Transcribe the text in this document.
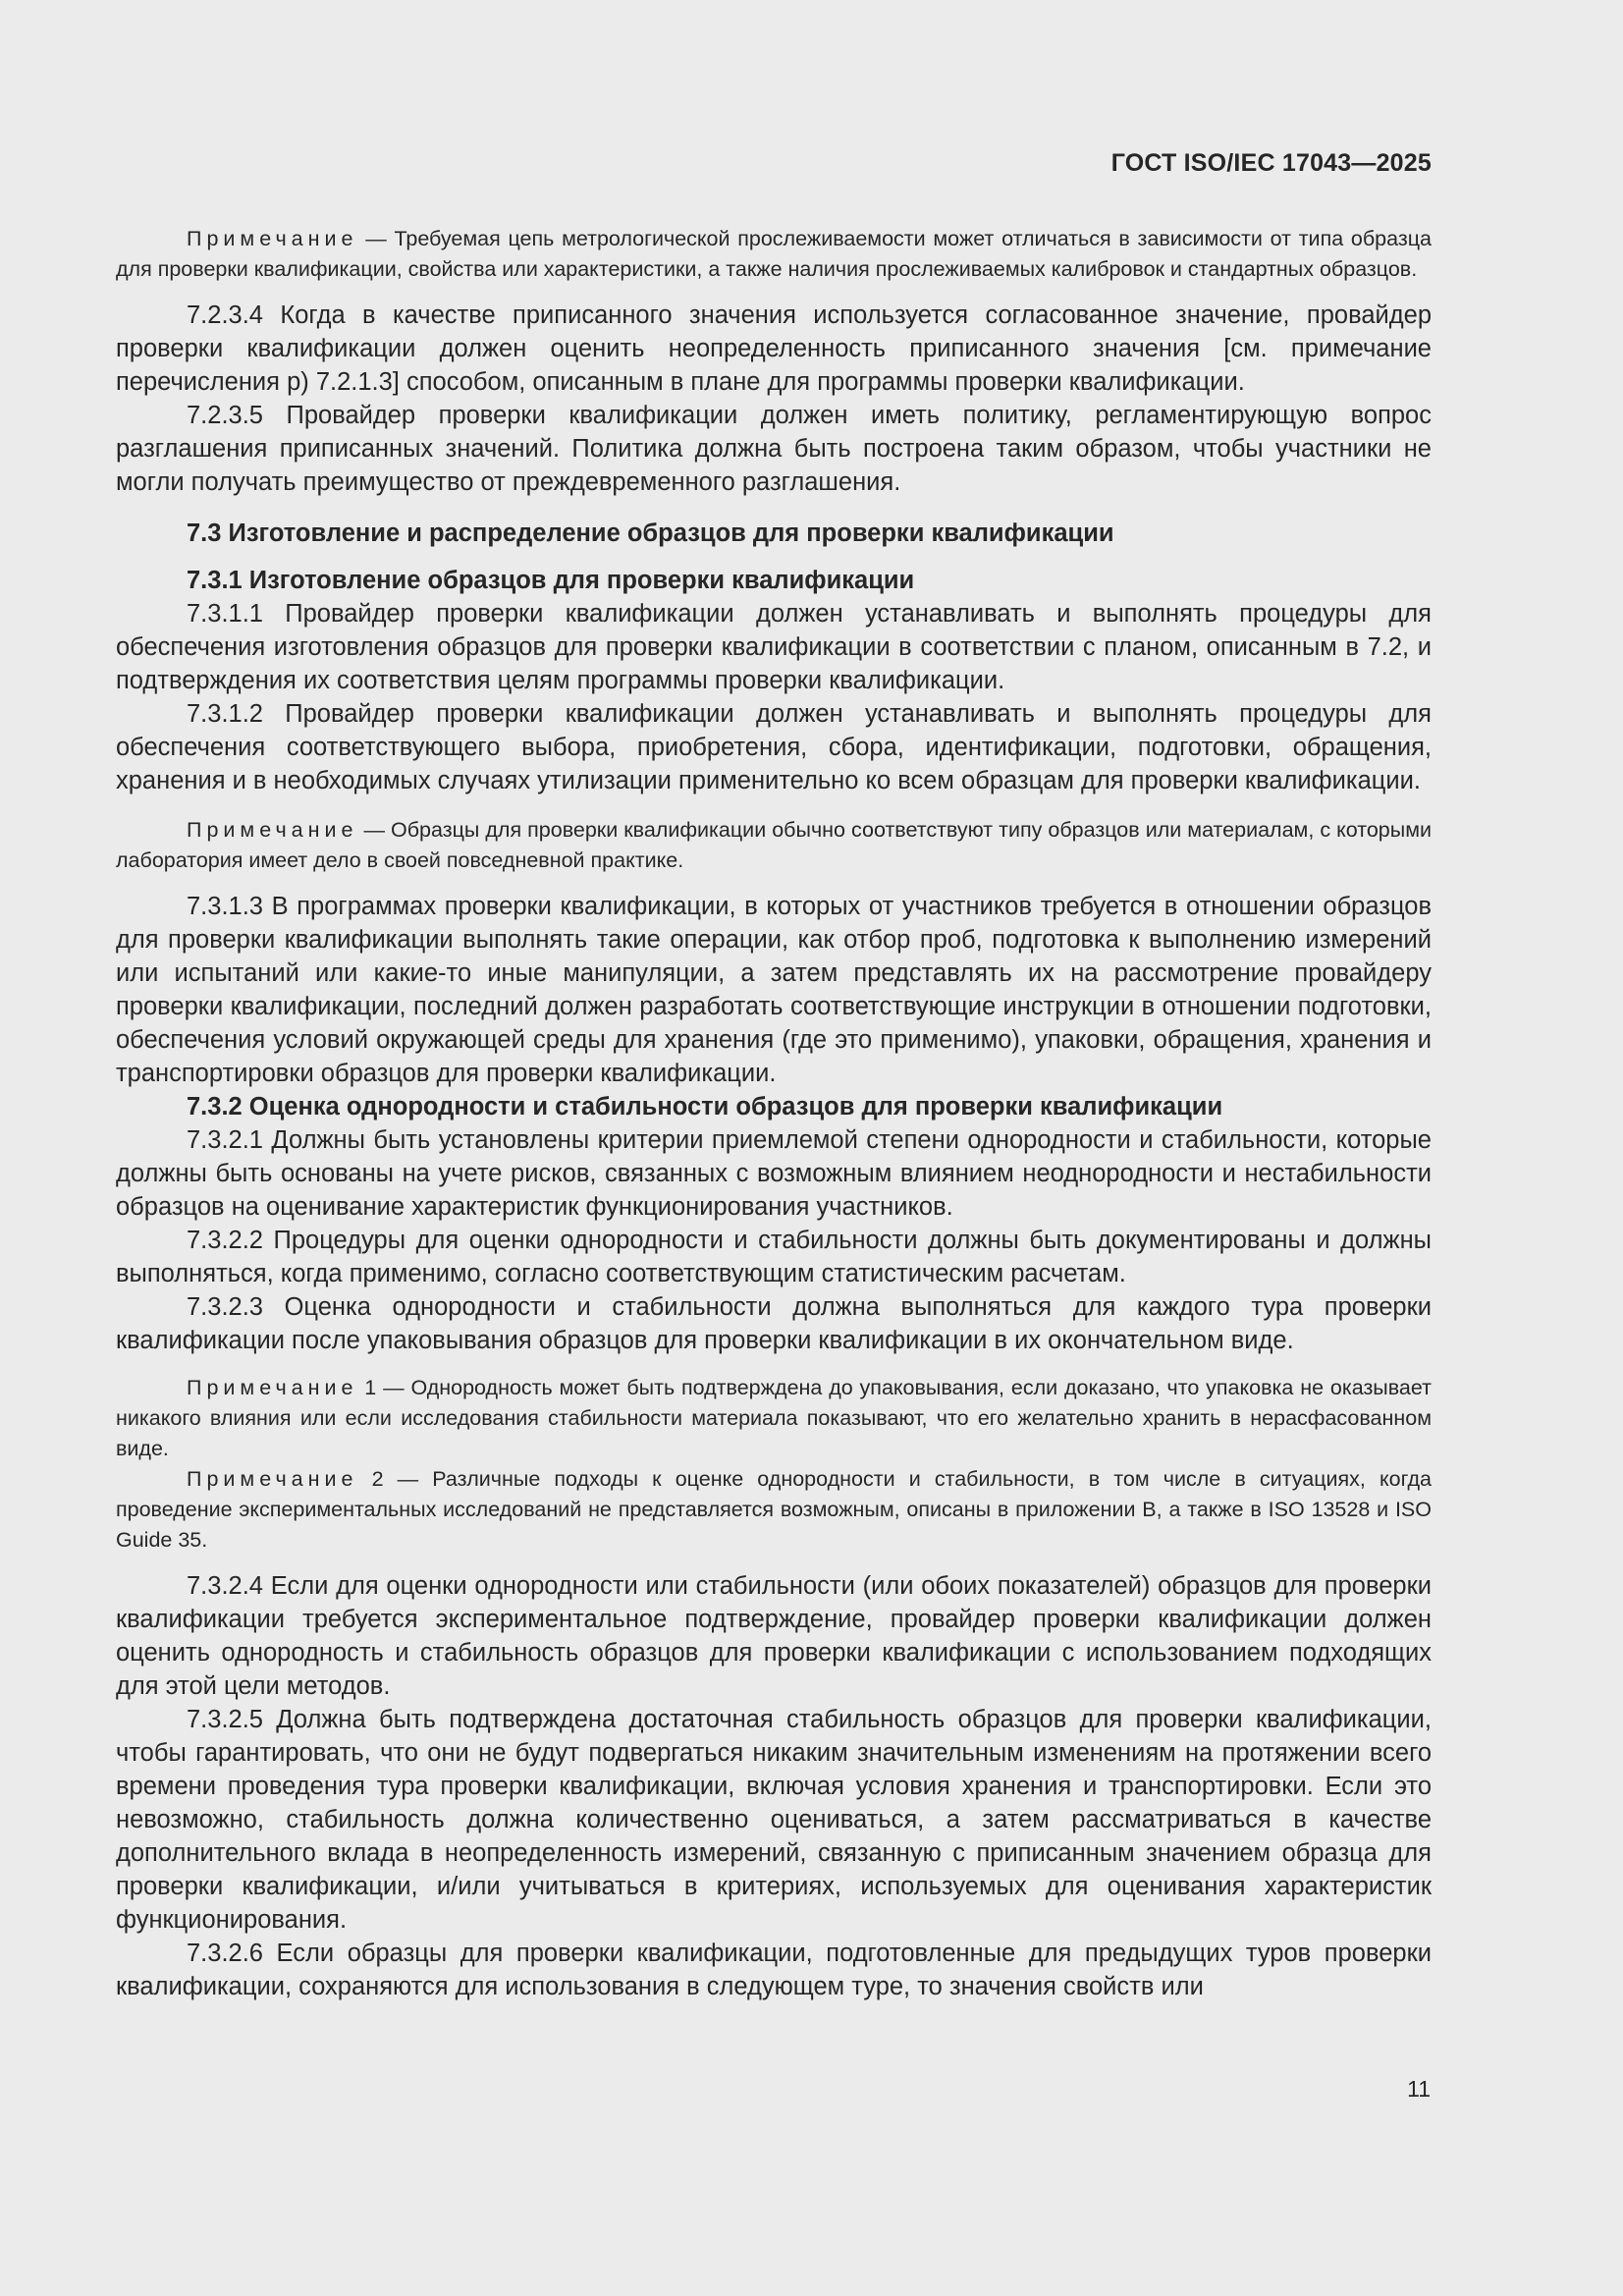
ГОСТ ISO/IEC 17043—2025

Примечание — Требуемая цепь метрологической прослеживаемости может отличаться в зависимости от типа образца для проверки квалификации, свойства или характеристики, а также наличия прослеживаемых калибровок и стандартных образцов.

7.2.3.4 Когда в качестве приписанного значения используется согласованное значение, провайдер проверки квалификации должен оценить неопределенность приписанного значения [см. примечание перечисления р) 7.2.1.3] способом, описанным в плане для программы проверки квалификации.

7.2.3.5 Провайдер проверки квалификации должен иметь политику, регламентирующую вопрос разглашения приписанных значений. Политика должна быть построена таким образом, чтобы участники не могли получать преимущество от преждевременного разглашения.

7.3 Изготовление и распределение образцов для проверки квалификации

7.3.1 Изготовление образцов для проверки квалификации

7.3.1.1 Провайдер проверки квалификации должен устанавливать и выполнять процедуры для обеспечения изготовления образцов для проверки квалификации в соответствии с планом, описанным в 7.2, и подтверждения их соответствия целям программы проверки квалификации.

7.3.1.2 Провайдер проверки квалификации должен устанавливать и выполнять процедуры для обеспечения соответствующего выбора, приобретения, сбора, идентификации, подготовки, обращения, хранения и в необходимых случаях утилизации применительно ко всем образцам для проверки квалификации.

Примечание — Образцы для проверки квалификации обычно соответствуют типу образцов или материалам, с которыми лаборатория имеет дело в своей повседневной практике.

7.3.1.3 В программах проверки квалификации, в которых от участников требуется в отношении образцов для проверки квалификации выполнять такие операции, как отбор проб, подготовка к выполнению измерений или испытаний или какие-то иные манипуляции, а затем представлять их на рассмотрение провайдеру проверки квалификации, последний должен разработать соответствующие инструкции в отношении подготовки, обеспечения условий окружающей среды для хранения (где это применимо), упаковки, обращения, хранения и транспортировки образцов для проверки квалификации.

7.3.2 Оценка однородности и стабильности образцов для проверки квалификации

7.3.2.1 Должны быть установлены критерии приемлемой степени однородности и стабильности, которые должны быть основаны на учете рисков, связанных с возможным влиянием неоднородности и нестабильности образцов на оценивание характеристик функционирования участников.

7.3.2.2 Процедуры для оценки однородности и стабильности должны быть документированы и должны выполняться, когда применимо, согласно соответствующим статистическим расчетам.

7.3.2.3 Оценка однородности и стабильности должна выполняться для каждого тура проверки квалификации после упаковывания образцов для проверки квалификации в их окончательном виде.

Примечание 1 — Однородность может быть подтверждена до упаковывания, если доказано, что упаковка не оказывает никакого влияния или если исследования стабильности материала показывают, что его желательно хранить в нерасфасованном виде.

Примечание 2 — Различные подходы к оценке однородности и стабильности, в том числе в ситуациях, когда проведение экспериментальных исследований не представляется возможным, описаны в приложении B, а также в ISO 13528 и ISO Guide 35.

7.3.2.4 Если для оценки однородности или стабильности (или обоих показателей) образцов для проверки квалификации требуется экспериментальное подтверждение, провайдер проверки квалификации должен оценить однородность и стабильность образцов для проверки квалификации с использованием подходящих для этой цели методов.

7.3.2.5 Должна быть подтверждена достаточная стабильность образцов для проверки квалификации, чтобы гарантировать, что они не будут подвергаться никаким значительным изменениям на протяжении всего времени проведения тура проверки квалификации, включая условия хранения и транспортировки. Если это невозможно, стабильность должна количественно оцениваться, а затем рассматриваться в качестве дополнительного вклада в неопределенность измерений, связанную с приписанным значением образца для проверки квалификации, и/или учитываться в критериях, используемых для оценивания характеристик функционирования.

7.3.2.6 Если образцы для проверки квалификации, подготовленные для предыдущих туров проверки квалификации, сохраняются для использования в следующем туре, то значения свойств или

11
